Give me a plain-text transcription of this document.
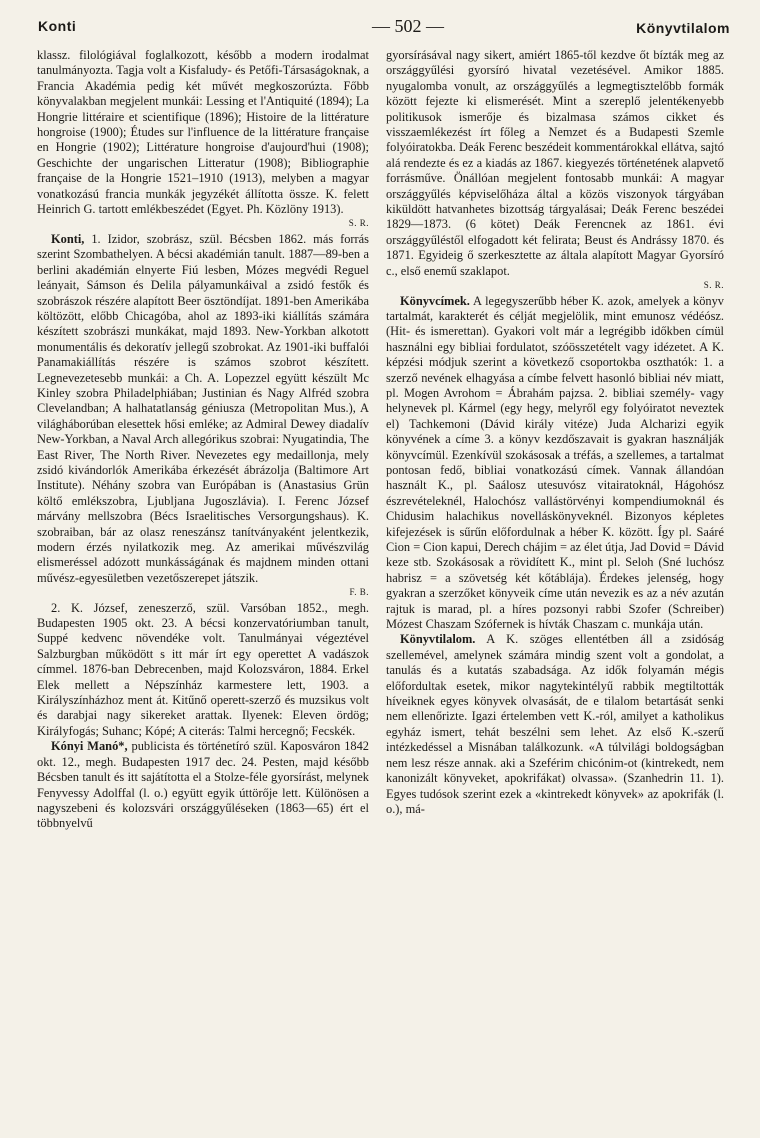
Konti	— 502 —	Könyvtilalom

klassz. filológiával foglalkozott, később a modern irodalmat tanulmányozta. Tagja volt a Kisfaludy- és Petőfi-Társaságoknak, a Francia Akadémia pedig két művét megkoszorúzta. Főbb könyvalakban megjelent munkái: Lessing et l'Antiquité (1894); La Hongrie littéraire et scientifique (1896); Histoire de la littérature hongroise (1900); Études sur l'influence de la littérature française en Hongrie (1902); Littérature hongroise d'aujourd'hui (1908); Geschichte der ungarischen Litteratur (1908); Bibliographie française de la Hongrie 1521–1910 (1913), melyben a magyar vonatkozású francia munkák jegyzékét állította össze. K. felett Heinrich G. tartott emlékbeszédet (Egyet. Ph. Közlöny 1913).

S. R.

Konti, 1. Izidor, szobrász, szül. Bécsben 1862. más forrás szerint Szombathelyen. A bécsi akadémián tanult. 1887—89-ben a berlini akadémián elnyerte Fiú lesben, Mózes megvédi Reguel leányait, Sámson és Delila pályamunkáival a zsidó festők és szobrászok részére alapított Beer ösztöndíjat. 1891-ben Amerikába költözött, előbb Chicagóba, ahol az 1893-iki kiállítás számára készített szobrászi munkákat, majd 1893. New-Yorkban alkotott monumentális és dekoratív jellegű szobrokat. Az 1901-iki buffalói Panamakiállítás részére is számos szobrot készített. Legnevezetesebb munkái: a Ch. A. Lopezzel együtt készült Mc Kinley szobra Philadelphiában; Justinian és Nagy Alfréd szobra Clevelandban; A halhatatlanság géniusza (Metropolitan Mus.), A világháborúban elesettek hősi emléke; az Admiral Dewey diadalív New-Yorkban, a Naval Arch allegórikus szobrai: Nyugatindia, The East River, The North River. Nevezetes egy medaillonja, mely zsidó kivándorlók Amerikába érkezését ábrázolja (Baltimore Art Institute). Néhány szobra van Európában is (Anastasius Grün költő emlékszobra, Ljubljana Jugoszlávia). I. Ferenc József márvány mellszobra (Bécs Israelitisches Versorgungshaus). K. szobraiban, bár az olasz reneszánsz tanítványaként jelentkezik, modern érzés nyilatkozik meg. Az amerikai művészvilág elismeréssel adózott munkásságának és majdnem minden ottani művész-egyesületben vezetőszerepet játszik.

F. B.

2. K. József, zeneszerző, szül. Varsóban 1852., megh. Budapesten 1905 okt. 23. A bécsi konzervatóriumban tanult, Suppé kedvenc növendéke volt. Tanulmányai végeztével Salzburgban működött s itt már írt egy operettet A vadászok címmel. 1876-ban Debrecenben, majd Kolozsváron, 1884. Erkel Elek mellett a Népszínház karmestere lett, 1903. a Királyszínházhoz ment át. Kitűnő operett-szerző és muzsikus volt és darabjai nagy sikereket arattak. Ilyenek: Eleven ördög; Királyfogás; Suhanc; Kópé; A citerás: Talmi hercegnő; Fecskék.

Kónyi Manó*, publicista és történetíró szül. Kaposváron 1842 okt. 12., megh. Budapesten 1917 dec. 24. Pesten, majd később Bécsben tanult és itt sajátította el a Stolze-féle gyorsírást, melynek Fenyvessy Adolffal (l. o.) együtt egyik úttörője lett. Különösen a nagyszebeni és kolozsvári országgyűléseken (1863—65) ért el többnyelvű

gyorsírásával nagy sikert, amiért 1865-től kezdve őt bízták meg az országgyűlési gyorsíró hivatal vezetésével. Amikor 1885. nyugalomba vonult, az országgyűlés a legmegtisztelőbb formák között fejezte ki elismerését. Mint a szereplő jelentékenyebb politikusok ismerője és bizalmasa számos cikket és visszaemlékezést írt főleg a Nemzet és a Budapesti Szemle folyóiratokba. Deák Ferenc beszédeit kommentárokkal ellátva, sajtó alá rendezte és ez a kiadás az 1867. kiegyezés történetének alapvető forrásműve. Önállóan megjelent fontosabb munkái: A magyar országgyűlés képviselőháza által a közös viszonyok tárgyában kiküldött hatvanhetes bizottság tárgyalásai; Deák Ferenc beszédei 1829—1873. (6 kötet) Deák Ferencnek az 1861. évi országgyűléstől elfogadott két felirata; Beust és Andrássy 1870. és 1871. Egyideig ő szerkesztette az általa alapított Magyar Gyorsíró c., első enemű szaklapot.

S. R.

Könyvcímek. A legegyszerűbb héber K. azok, amelyek a könyv tartalmát, karakterét és célját megjelölik, mint emunosz védéósz. (Hit- és ismerettan). Gyakori volt már a legrégibb időkben címül használni egy bibliai fordulatot, szóösszetételt vagy idézetet. A K. képzési módjuk szerint a következő csoportokba oszthatók: 1. a szerző nevének elhagyása a címbe felvett hasonló bibliai név miatt, pl. Mogen Avrohom = Ábrahám pajzsa. 2. bibliai személy- vagy helynevek pl. Kármel (egy hegy, melyről egy folyóiratot neveztek el) Tachkemoni (Dávid király vitéze) Juda Alcharizi egyik könyvének a címe 3. a könyv kezdőszavait is gyakran használják könyvcímül. Ezenkívül szokásosak a tréfás, a szellemes, a tartalmat pontosan fedő, bibliai vonatkozású címek. Vannak állandóan használt K., pl. Saálosz utesuvósz vitairatoknál, Hágohósz észrevételeknél, Halochósz vallástörvényi kompendiumoknál és Chidusim halachikus novelláskönyveknél. Bizonyos képletes kifejezések is sűrűn előfordulnak a héber K. között. Így pl. Saáré Cion = Cion kapui, Derech chájim = az élet útja, Jad Dovid = Dávid keze stb. Szokásosak a rövidített K., mint pl. Seloh (Sné luchósz habrisz = a szövetség két kőtáblája). Érdekes jelenség, hogy gyakran a szerzőket könyveik címe után nevezik es az a név azután rajtuk is marad, pl. a híres pozsonyi rabbi Szofer (Schreiber) Mózest Chaszam Szófernek is hívták Chaszam c. munkája után.

Könyvtilalom. A K. szöges ellentétben áll a zsidóság szellemével, amelynek számára mindig szent volt a gondolat, a tanulás és a kutatás szabadsága. Az idők folyamán mégis előfordultak esetek, mikor nagytekintélyű rabbik megtiltották híveiknek egyes könyvek olvasását, de e tilalom betartását senki nem ellenőrizte. Igazi értelemben vett K.-ról, amilyet a katholikus egyház ismert, tehát beszélni sem lehet. Az első K.-szerű intézkedéssel a Misnában találkozunk. «A túlvilági boldogságban nem lesz része annak. aki a Szeférim chicónim-ot (kintrekedt, nem kanonizált könyveket, apokrifákat) olvassa». (Szanhedrin 11. 1). Egyes tudósok szerint ezek a «kintrekedt könyvek» az apokrifák (l. o.), má-
